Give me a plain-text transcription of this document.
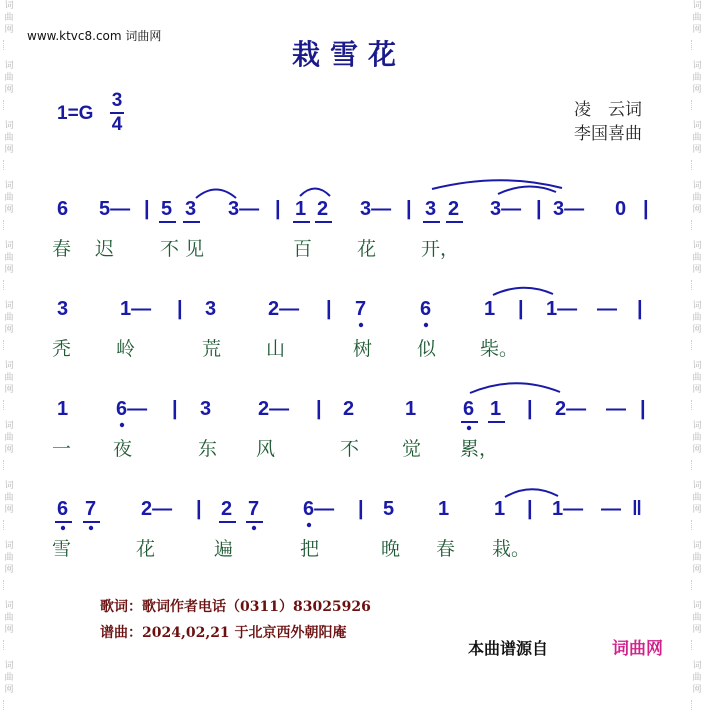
词
曲
网
词
曲
网
词
曲
网
词
曲
网
词
曲
网
词
曲
网
词
曲
网
词
曲
网
词
曲
网
词
曲
网
词
曲
网
词
曲
网
词
曲
网
词
曲
网
词
曲
网
词
曲
网
词
曲
网
词
曲
网
词
曲
网
词
曲
网
词
曲
网
词
曲
网
词
曲
网
词
曲
网
www.ktvc8.com 词曲网
栽雪花
1=G
3
4
凌　云词
李国喜曲
6 5— | 5 3 3— | 1 2 3— | 3 2 3— | 3— 0 |
春 迟 不 见	百 花 开，
3	1— | 3	2— | 7	6	1 | 1— — |
秃 岭	荒 山	树 似 柴。
1 6— | 3 2— | 2	1 6 1 | 2— — |
一 夜	东 风	不 觉 累，
6 7 2— | 2 7 6— | 5 1 1 | 1— — ‖
雪	花	遍	把	晚 春 栽。
歌词：歌词作者电话（0311）83025926
谱曲：2024,02,21 于北京西外朝阳庵
本曲谱源自	词曲网
